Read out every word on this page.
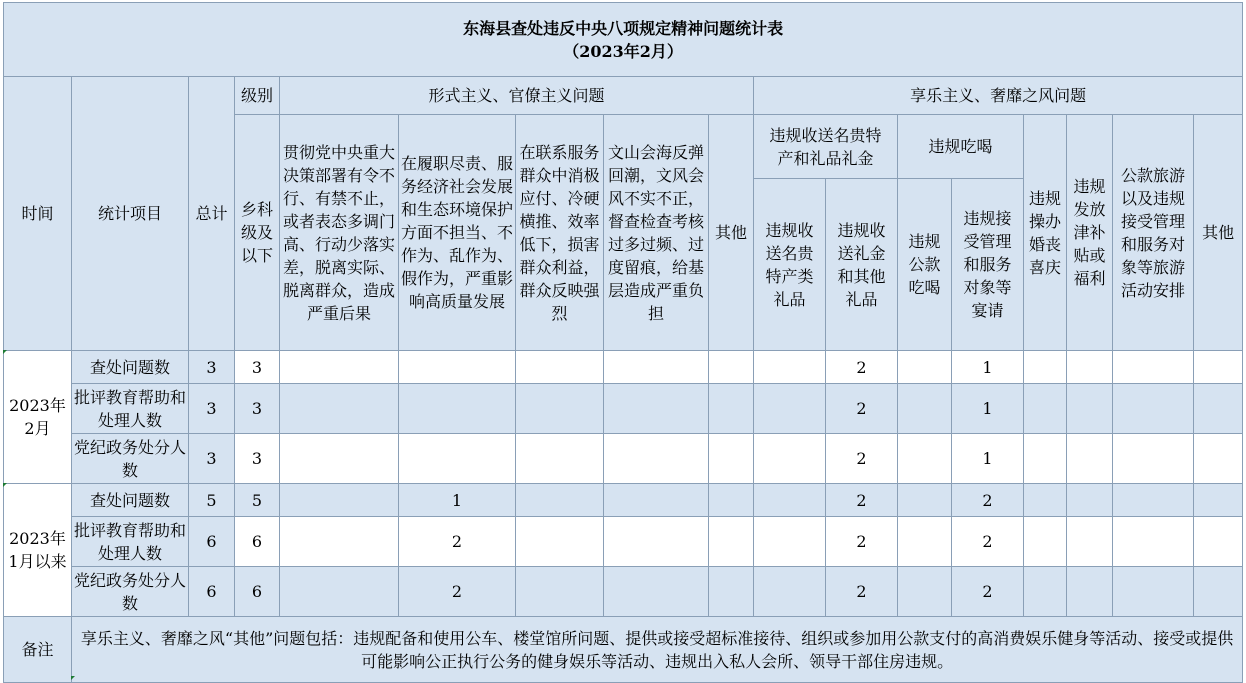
东海县查处违反中央八项规定精神问题统计表
（2023年2月）																

时间	统计项目	总计	级别	形式主义、官僚主义问题					享乐主义、奢靡之风问题							
			乡科级及以下	贯彻党中央重大决策部署有令不行、有禁不止，或者表态多调门高、行动少落实差，脱离实际、脱离群众，造成严重后果	在履职尽责、服务经济社会发展和生态环境保护方面不担当、不作为、乱作为、假作为，严重影响高质量发展	在联系服务群众中消极应付、冷硬横推、效率低下，损害群众利益，群众反映强烈	文山会海反弹回潮，文风会风不实不正，督查检查考核过多过频、过度留痕，给基层造成严重负担	其他	违规收送名贵特产和礼品礼金		违规吃喝		违规操办婚丧喜庆	违规发放津补贴或福利	公款旅游以及违规接受管理和服务对象等旅游活动安排	其他
									违规收送名贵特产类礼品	违规收送礼金和其他礼品	违规公款吃喝	违规接受管理和服务对象等宴请				
2023年2月	查处问题数	3	3							2		1				
	批评教育帮助和处理人数	3	3							2		1				
	党纪政务处分人数	3	3							2		1				
2023年1月以来	查处问题数	5	5		1					2		2				
	批评教育帮助和处理人数	6	6		2					2		2				
	党纪政务处分人数	6	6		2					2		2				
备注	享乐主义、奢靡之风“其他”问题包括：违规配备和使用公车、楼堂馆所问题、提供或接受超标准接待、组织或参加用公款支付的高消费娱乐健身等活动、接受或提供可能影响公正执行公务的健身娱乐等活动、违规出入私人会所、领导干部住房违规。															
